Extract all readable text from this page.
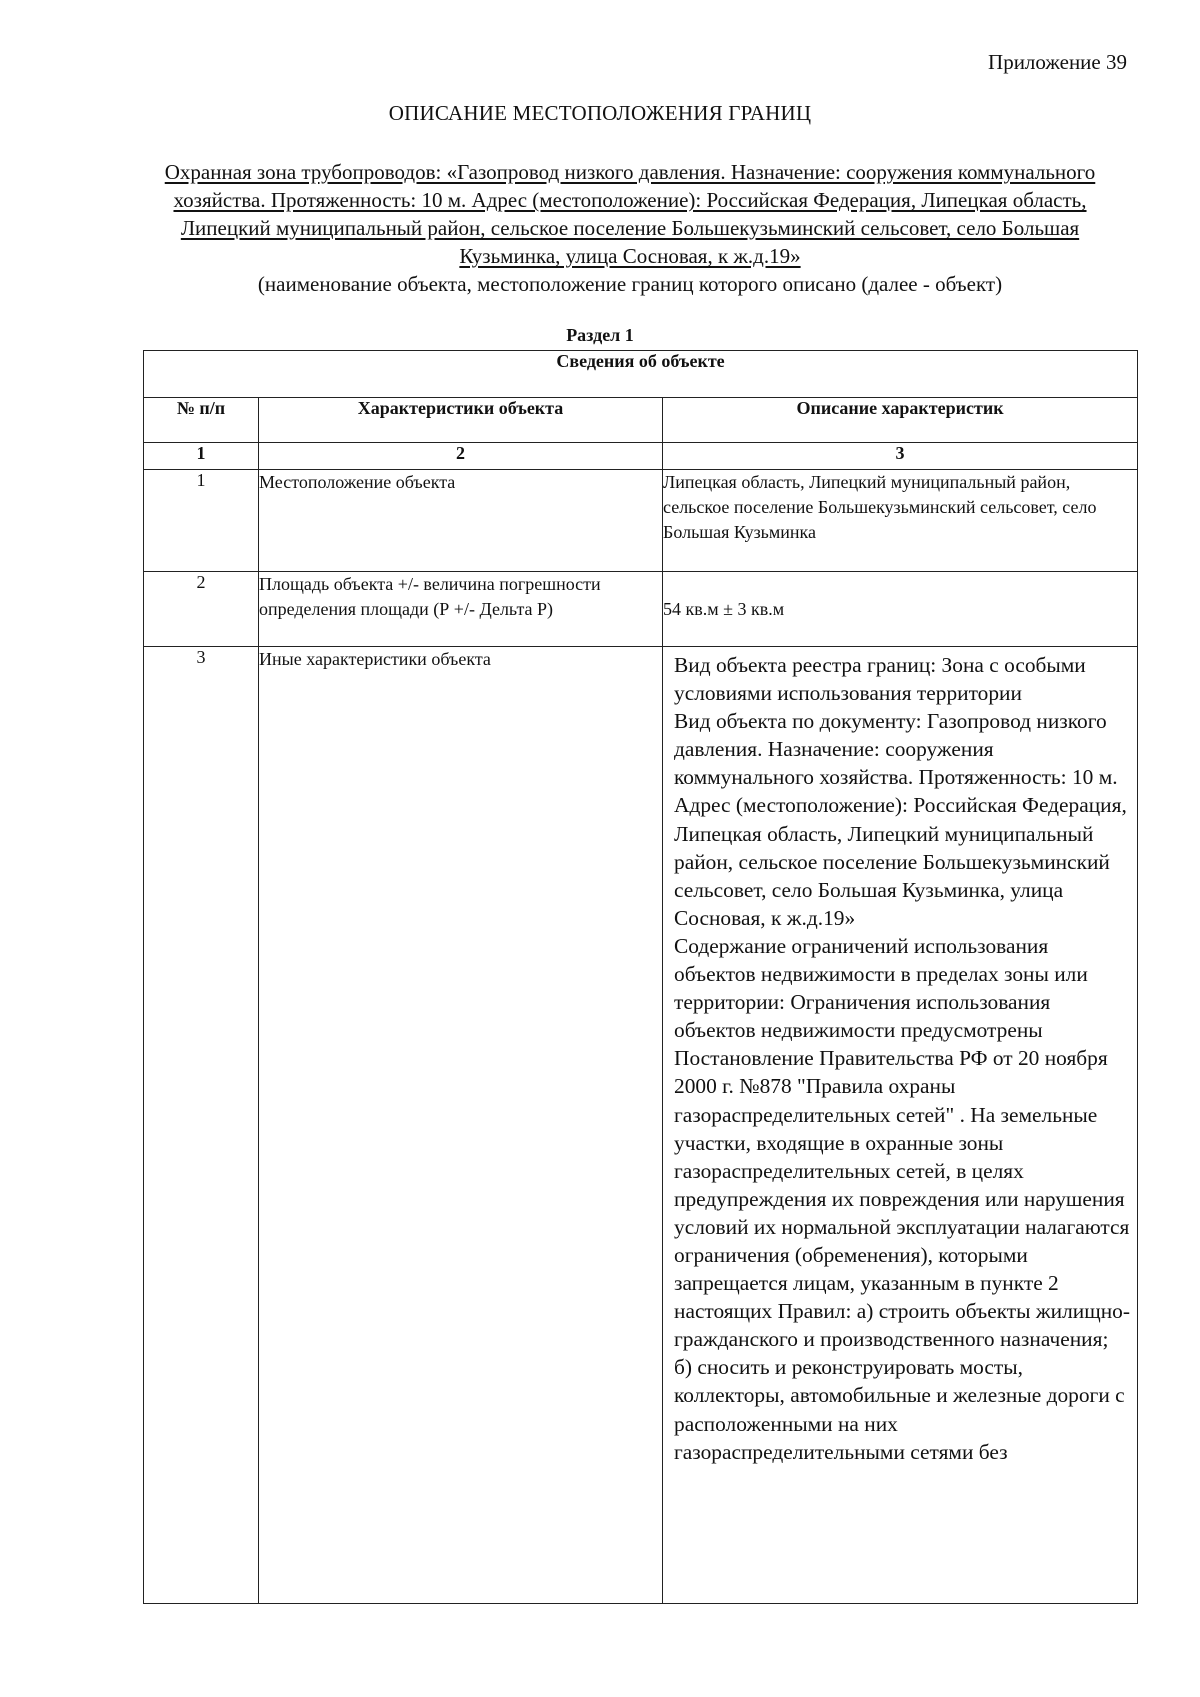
Приложение 39
ОПИСАНИЕ МЕСТОПОЛОЖЕНИЯ ГРАНИЦ
Охранная зона трубопроводов: «Газопровод низкого давления. Назначение: сооружения коммунального хозяйства. Протяженность: 10 м. Адрес (местоположение): Российская Федерация, Липецкая область, Липецкий муниципальный район, сельское поселение Большекузьминский сельсовет, село Большая Кузьминка, улица Сосновая, к ж.д.19»
(наименование объекта, местоположение границ которого описано (далее - объект)
Раздел 1
Сведения об объекте		
№ п/п	Характеристики объекта	Описание характеристик
1	2	3
1	Местоположение объекта	Липецкая область, Липецкий муниципальный район, сельское поселение Большекузьминский сельсовет, село Большая Кузьминка
2	Площадь объекта +/- величина погрешности определения площади (Р +/- Дельта Р)	54 кв.м ± 3 кв.м
3	Иные характеристики объекта	Вид объекта реестра границ: Зона с особыми условиями использования территории
Вид объекта по документу: Газопровод низкого давления. Назначение: сооружения коммунального хозяйства. Протяженность: 10 м. Адрес (местоположение): Российская Федерация, Липецкая область, Липецкий муниципальный район, сельское поселение Большекузьминский сельсовет, село Большая Кузьминка, улица Сосновая, к ж.д.19»
Содержание ограничений использования объектов недвижимости в пределах зоны или территории: Ограничения использования объектов недвижимости предусмотрены Постановление Правительства РФ от 20 ноября 2000 г. №878 "Правила охраны газораспределительных сетей" . На земельные участки, входящие в охранные зоны газораспределительных сетей, в целях предупреждения их повреждения или нарушения условий их нормальной эксплуатации налагаются ограничения (обременения), которыми запрещается лицам, указанным в пункте 2 настоящих Правил: а) строить объекты жилищно-гражданского и производственного назначения; б) сносить и реконструировать мосты, коллекторы, автомобильные и железные дороги с расположенными на них газораспределительными сетями без
